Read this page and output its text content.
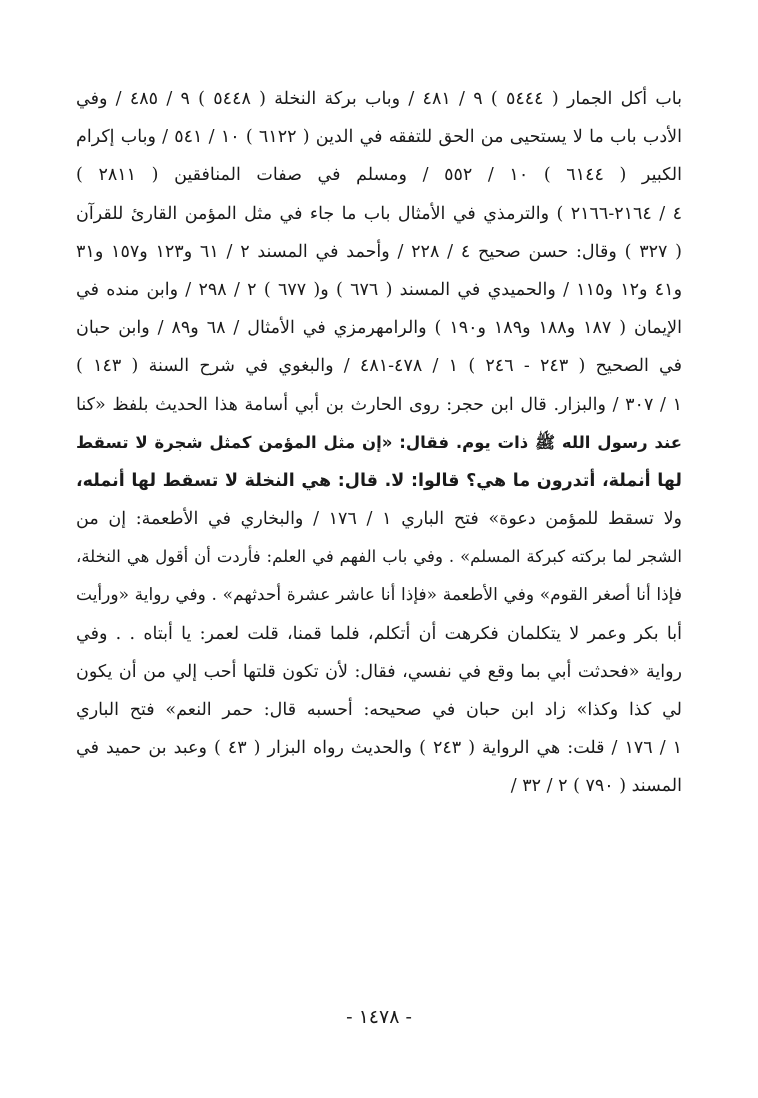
باب أكل الجمار ( ٥٤٤٤ ) ٩ / ٤٨١ / وباب بركة النخلة ( ٥٤٤٨ ) ٩ / ٤٨٥ / وفي
الأدب باب ما لا يستحيى من الحق للتفقه في الدين ( ٦١٢٢ ) ١٠ / ٥٤١ / وباب إكرام
الكبير ( ٦١٤٤ ) ١٠ / ٥٥٢ / ومسلم في صفات المنافقين ( ٢٨١١ )
٤ / ٢١٦٤-٢١٦٦ ) والترمذي في الأمثال باب ما جاء في مثل المؤمن القارئ للقرآن
( ٣٢٧ ) وقال: حسن صحيح ٤ / ٢٢٨ / وأحمد في المسند ٢ / ٦١ و١٢٣ و١٥٧ و٣١
و٤١ و١٢ و١١٥ / والحميدي في المسند ( ٦٧٦ ) و( ٦٧٧ ) ٢ / ٢٩٨ / وابن منده في
الإيمان ( ١٨٧ و١٨٨ و١٨٩ و١٩٠ ) والرامهرمزي في الأمثال / ٦٨ و٨٩ / وابن حبان
في الصحيح ( ٢٤٣ - ٢٤٦ ) ١ / ٤٧٨-٤٨١ / والبغوي في شرح السنة ( ١٤٣ )
١ / ٣٠٧ / والبزار. قال ابن حجر: روى الحارث بن أبي أسامة هذا الحديث بلفظ «كنا
عند رسول الله ﷺ ذات يوم. فقال: «إن مثل المؤمن كمثل شجرة لا تسقط
لها أنملة، أتدرون ما هي؟ قالوا: لا. قال: هي النخلة لا تسقط لها أنمله،
ولا تسقط للمؤمن دعوة» فتح الباري ١ / ١٧٦ / والبخاري في الأطعمة: إن من
الشجر لما بركته كبركة المسلم» . وفي باب الفهم في العلم: فأردت أن أقول هي النخلة،
فإذا أنا أصغر القوم» وفي الأطعمة «فإذا أنا عاشر عشرة أحدثهم» . وفي رواية «ورأيت
أبا بكر وعمر لا يتكلمان فكرهت أن أتكلم، فلما قمنا، قلت لعمر: يا أبتاه . . وفي
رواية «فحدثت أبي بما وقع في نفسي، فقال: لأن تكون قلتها أحب إلي من أن يكون
لي كذا وكذا» زاد ابن حبان في صحيحه: أحسبه قال: حمر النعم» فتح الباري
١ / ١٧٦ / قلت: هي الرواية ( ٢٤٣ ) والحديث رواه البزار ( ٤٣ ) وعبد بن حميد في
المسند ( ٧٩٠ ) ٢ / ٣٢ /
- ١٤٧٨ -
